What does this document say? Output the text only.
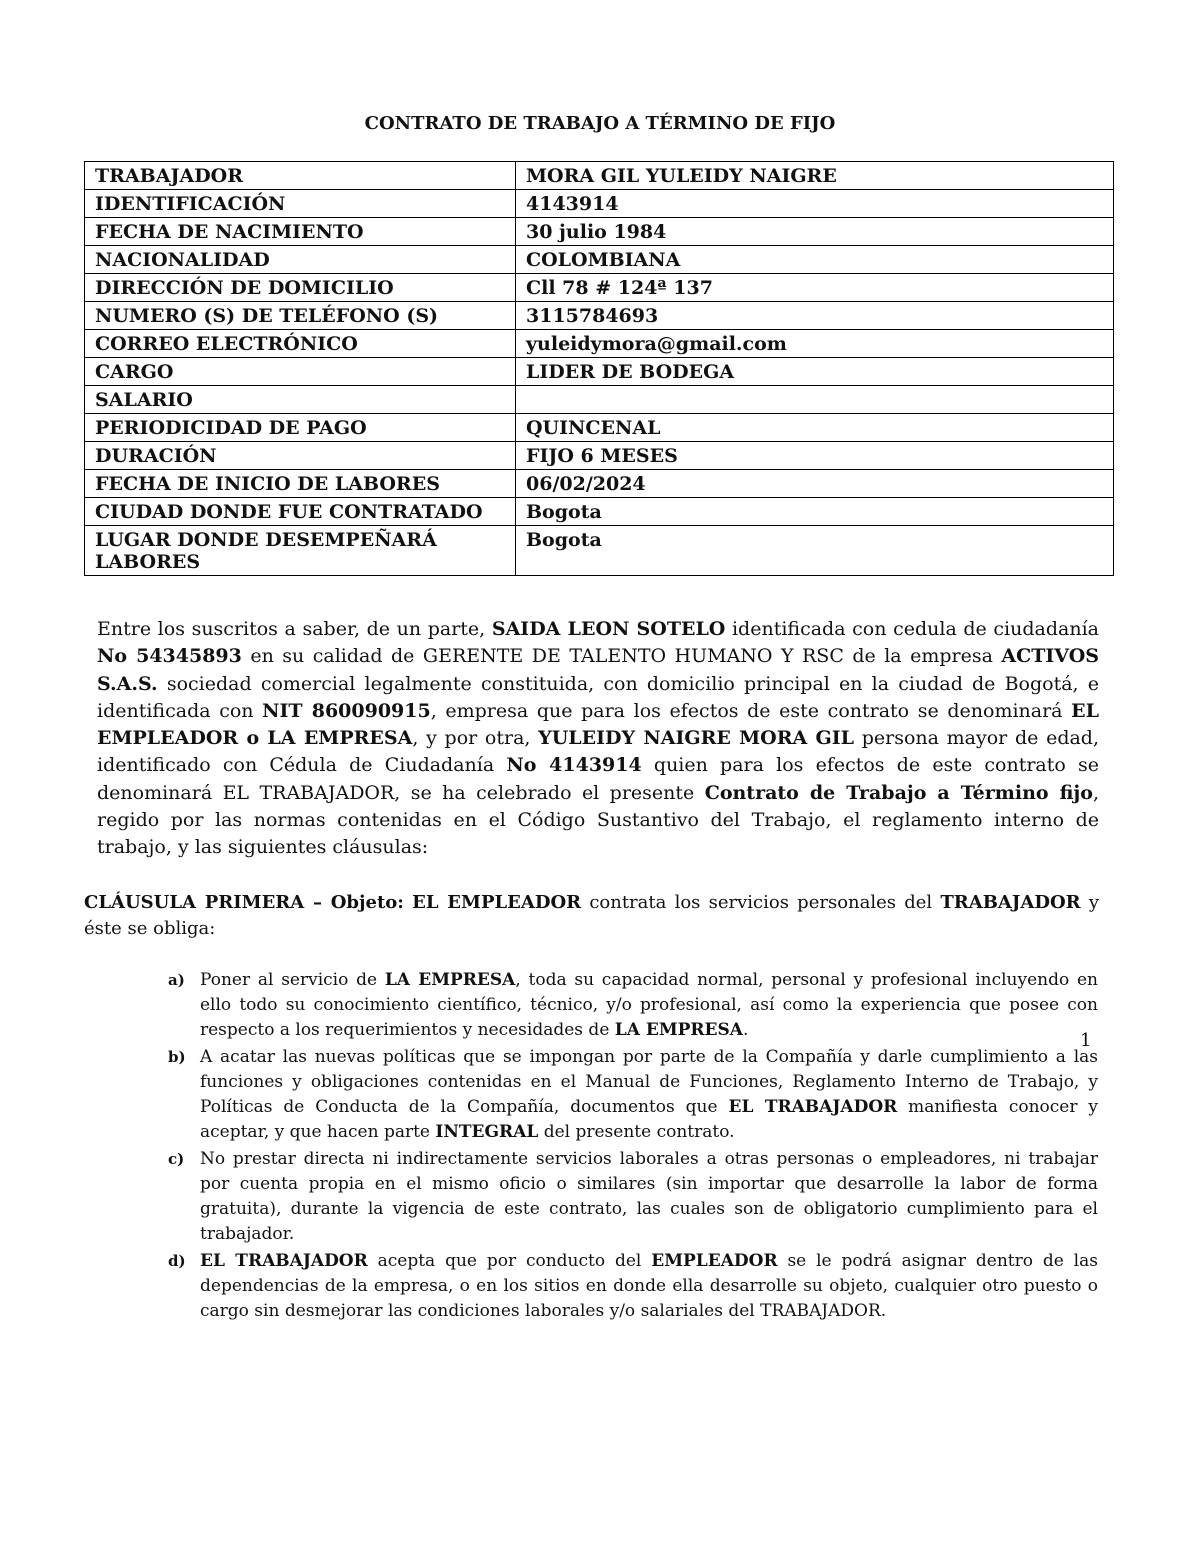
CONTRATO DE TRABAJO A TÉRMINO DE FIJO
TRABAJADOR	MORA GIL YULEIDY NAIGRE
IDENTIFICACIÓN	4143914
FECHA DE NACIMIENTO	30 julio 1984
NACIONALIDAD	COLOMBIANA
DIRECCIÓN DE DOMICILIO	Cll 78 # 124ª 137
NUMERO (S) DE TELÉFONO (S)	3115784693
CORREO ELECTRÓNICO	yuleidymora@gmail.com
CARGO	LIDER DE BODEGA
SALARIO	
PERIODICIDAD DE PAGO	QUINCENAL
DURACIÓN	FIJO 6 MESES
FECHA DE INICIO DE LABORES	06/02/2024
CIUDAD DONDE FUE CONTRATADO	Bogota
LUGAR DONDE DESEMPEÑARÁ LABORES	Bogota
Entre los suscritos a saber, de un parte, SAIDA LEON SOTELO identificada con cedula de ciudadanía No 54345893 en su calidad de GERENTE DE TALENTO HUMANO Y RSC de la empresa ACTIVOS S.A.S. sociedad comercial legalmente constituida, con domicilio principal en la ciudad de Bogotá, e identificada con NIT 860090915, empresa que para los efectos de este contrato se denominará EL EMPLEADOR o LA EMPRESA, y por otra, YULEIDY NAIGRE MORA GIL persona mayor de edad, identificado con Cédula de Ciudadanía No 4143914 quien para los efectos de este contrato se denominará EL TRABAJADOR, se ha celebrado el presente Contrato de Trabajo a Término fijo, regido por las normas contenidas en el Código Sustantivo del Trabajo, el reglamento interno de trabajo, y las siguientes cláusulas:
CLÁUSULA PRIMERA – Objeto: EL EMPLEADOR contrata los servicios personales del TRABAJADOR y éste se obliga:
a) Poner al servicio de LA EMPRESA, toda su capacidad normal, personal y profesional incluyendo en ello todo su conocimiento científico, técnico, y/o profesional, así como la experiencia que posee con respecto a los requerimientos y necesidades de LA EMPRESA.
b) A acatar las nuevas políticas que se impongan por parte de la Compañía y darle cumplimiento a las funciones y obligaciones contenidas en el Manual de Funciones, Reglamento Interno de Trabajo, y Políticas de Conducta de la Compañía, documentos que EL TRABAJADOR manifiesta conocer y aceptar, y que hacen parte INTEGRAL del presente contrato.
c) No prestar directa ni indirectamente servicios laborales a otras personas o empleadores, ni trabajar por cuenta propia en el mismo oficio o similares (sin importar que desarrolle la labor de forma gratuita), durante la vigencia de este contrato, las cuales son de obligatorio cumplimiento para el trabajador.
d) EL TRABAJADOR acepta que por conducto del EMPLEADOR se le podrá asignar dentro de las dependencias de la empresa, o en los sitios en donde ella desarrolle su objeto, cualquier otro puesto o cargo sin desmejorar las condiciones laborales y/o salariales del TRABAJADOR.
1
